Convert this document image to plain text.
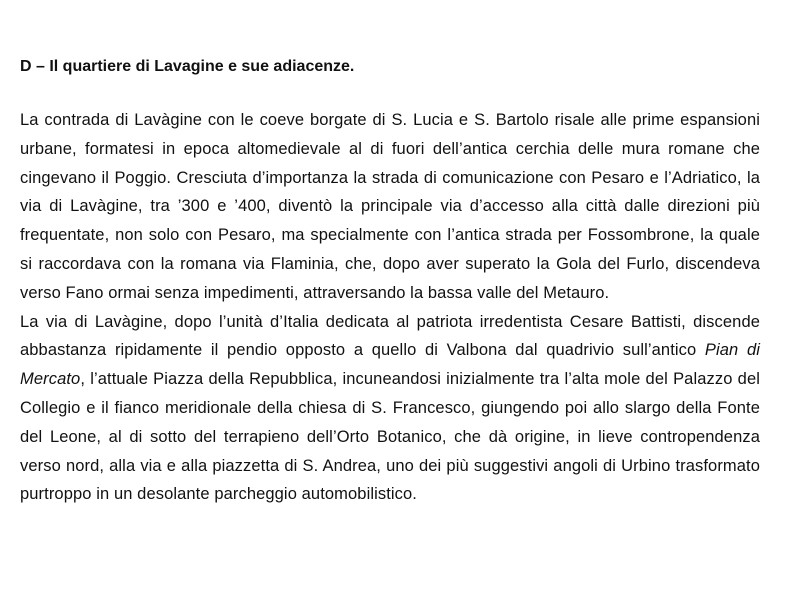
D – Il quartiere di Lavagine e sue adiacenze.

La contrada di Lavàgine con le coeve borgate di S. Lucia e S. Bartolo risale alle prime espansioni urbane, formatesi in epoca altomedievale al di fuori dell’antica cerchia delle mura romane che cingevano il Poggio. Cresciuta d’importanza la strada di comunicazione con Pesaro e l’Adriatico, la via di Lavàgine, tra ’300 e ’400, diventò la principale via d’accesso alla città dalle direzioni più frequentate, non solo con Pesaro, ma specialmente con l’antica strada per Fossombrone, la quale si raccordava con la romana via Flaminia, che, dopo aver superato la Gola del Furlo, discendeva verso Fano ormai senza impedimenti, attraversando la bassa valle del Metauro.

La via di Lavàgine, dopo l’unità d’Italia dedicata al patriota irredentista Cesare Battisti, discende abbastanza ripidamente il pendio opposto a quello di Valbona dal quadrivio sull’antico Pian di Mercato, l’attuale Piazza della Repubblica, incuneandosi inizialmente tra l’alta mole del Palazzo del Collegio e il fianco meridionale della chiesa di S. Francesco, giungendo poi allo slargo della Fonte del Leone, al di sotto del terrapieno dell’Orto Botanico, che dà origine, in lieve contropendenza verso nord, alla via e alla piazzetta di S. Andrea, uno dei più suggestivi angoli di Urbino trasformato purtroppo in un desolante parcheggio automobilistico.
